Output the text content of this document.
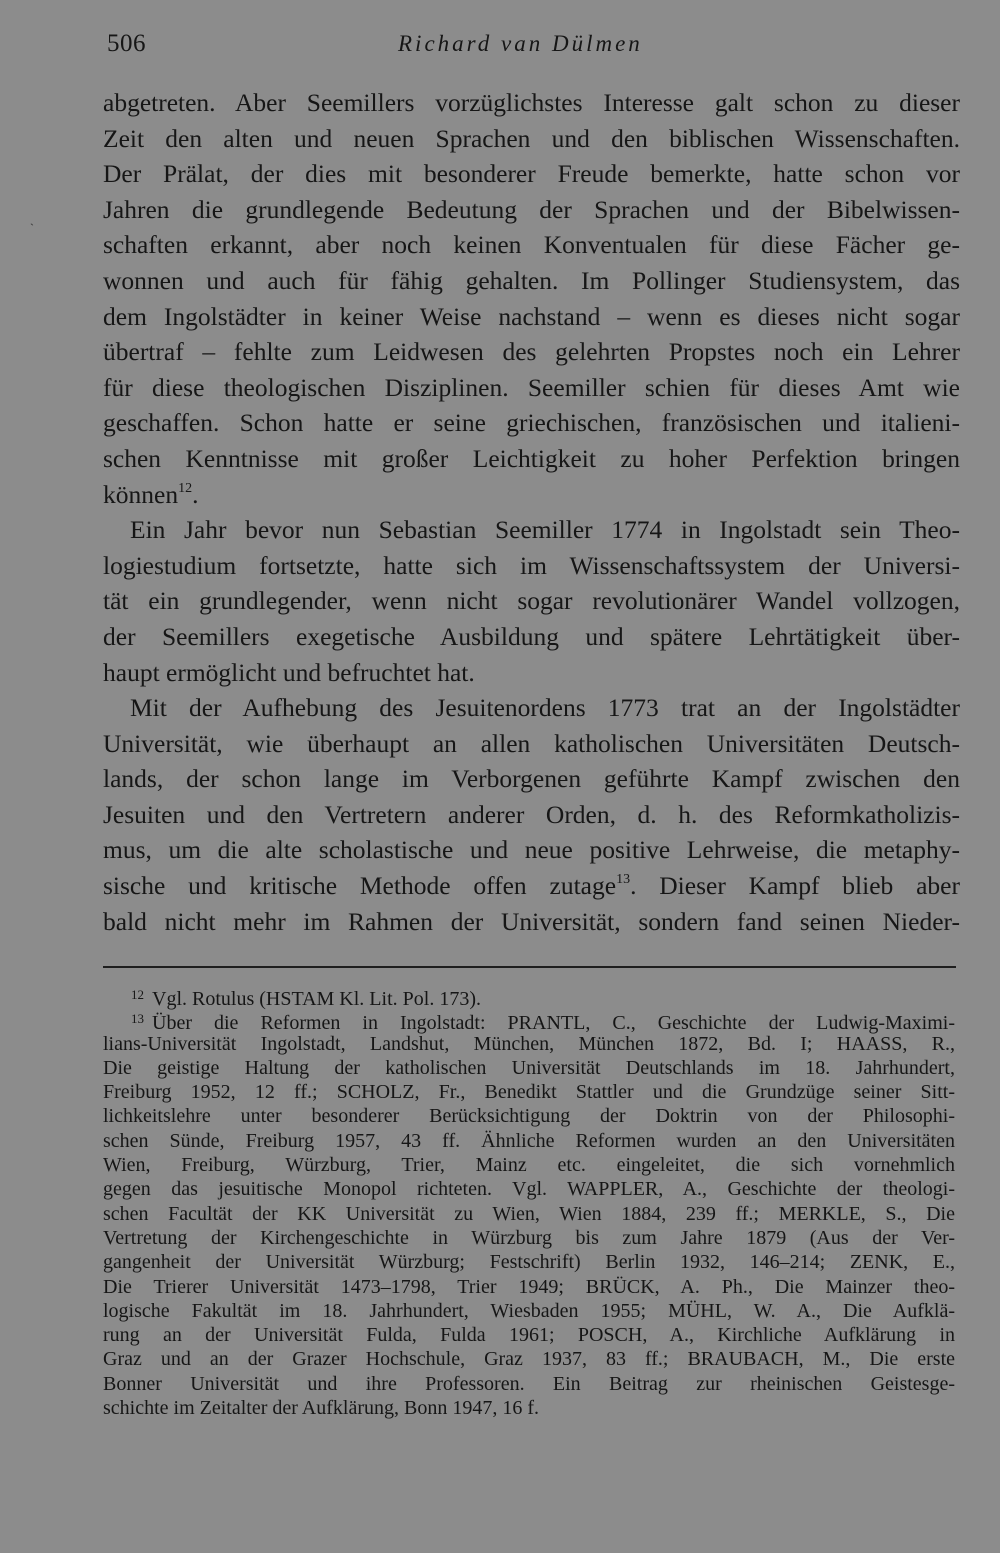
506	Richard van Dülmen
ˏ
abgetreten. Aber Seemillers vorzüglichstes Interesse galt schon zu dieser
Zeit den alten und neuen Sprachen und den biblischen Wissenschaften.
Der Prälat, der dies mit besonderer Freude bemerkte, hatte schon vor
Jahren die grundlegende Bedeutung der Sprachen und der Bibelwissen-
schaften erkannt, aber noch keinen Konventualen für diese Fächer ge-
wonnen und auch für fähig gehalten. Im Pollinger Studiensystem, das
dem Ingolstädter in keiner Weise nachstand – wenn es dieses nicht sogar
übertraf – fehlte zum Leidwesen des gelehrten Propstes noch ein Lehrer
für diese theologischen Disziplinen. Seemiller schien für dieses Amt wie
geschaffen. Schon hatte er seine griechischen, französischen und italieni-
schen Kenntnisse mit großer Leichtigkeit zu hoher Perfektion bringen
können$^{12}$.
Ein Jahr bevor nun Sebastian Seemiller 1774 in Ingolstadt sein Theo-
logiestudium fortsetzte, hatte sich im Wissenschaftssystem der Universi-
tät ein grundlegender, wenn nicht sogar revolutionärer Wandel vollzogen,
der Seemillers exegetische Ausbildung und spätere Lehrtätigkeit über-
haupt ermöglicht und befruchtet hat.
Mit der Aufhebung des Jesuitenordens 1773 trat an der Ingolstädter
Universität, wie überhaupt an allen katholischen Universitäten Deutsch-
lands, der schon lange im Verborgenen geführte Kampf zwischen den
Jesuiten und den Vertretern anderer Orden, d. h. des Reformkatholizis-
mus, um die alte scholastische und neue positive Lehrweise, die metaphy-
sische und kritische Methode offen zutage$^{13}$. Dieser Kampf blieb aber
bald nicht mehr im Rahmen der Universität, sondern fand seinen Nieder-
$^{12}$ Vgl. Rotulus (HSTAM Kl. Lit. Pol. 173).
$^{13}$ Über die Reformen in Ingolstadt: PRANTL, C., Geschichte der Ludwig-Maximi-
lians-Universität Ingolstadt, Landshut, München, München 1872, Bd. I; HAASS, R.,
Die geistige Haltung der katholischen Universität Deutschlands im 18. Jahrhundert,
Freiburg 1952, 12 ff.; SCHOLZ, Fr., Benedikt Stattler und die Grundzüge seiner Sitt-
lichkeitslehre unter besonderer Berücksichtigung der Doktrin von der Philosophi-
schen Sünde, Freiburg 1957, 43 ff. Ähnliche Reformen wurden an den Universitäten
Wien, Freiburg, Würzburg, Trier, Mainz etc. eingeleitet, die sich vornehmlich
gegen das jesuitische Monopol richteten. Vgl. WAPPLER, A., Geschichte der theologi-
schen Facultät der KK Universität zu Wien, Wien 1884, 239 ff.; MERKLE, S., Die
Vertretung der Kirchengeschichte in Würzburg bis zum Jahre 1879 (Aus der Ver-
gangenheit der Universität Würzburg; Festschrift) Berlin 1932, 146–214; ZENK, E.,
Die Trierer Universität 1473–1798, Trier 1949; BRÜCK, A. Ph., Die Mainzer theo-
logische Fakultät im 18. Jahrhundert, Wiesbaden 1955; MÜHL, W. A., Die Aufklä-
rung an der Universität Fulda, Fulda 1961; POSCH, A., Kirchliche Aufklärung in
Graz und an der Grazer Hochschule, Graz 1937, 83 ff.; BRAUBACH, M., Die erste
Bonner Universität und ihre Professoren. Ein Beitrag zur rheinischen Geistesge-
schichte im Zeitalter der Aufklärung, Bonn 1947, 16 f.
